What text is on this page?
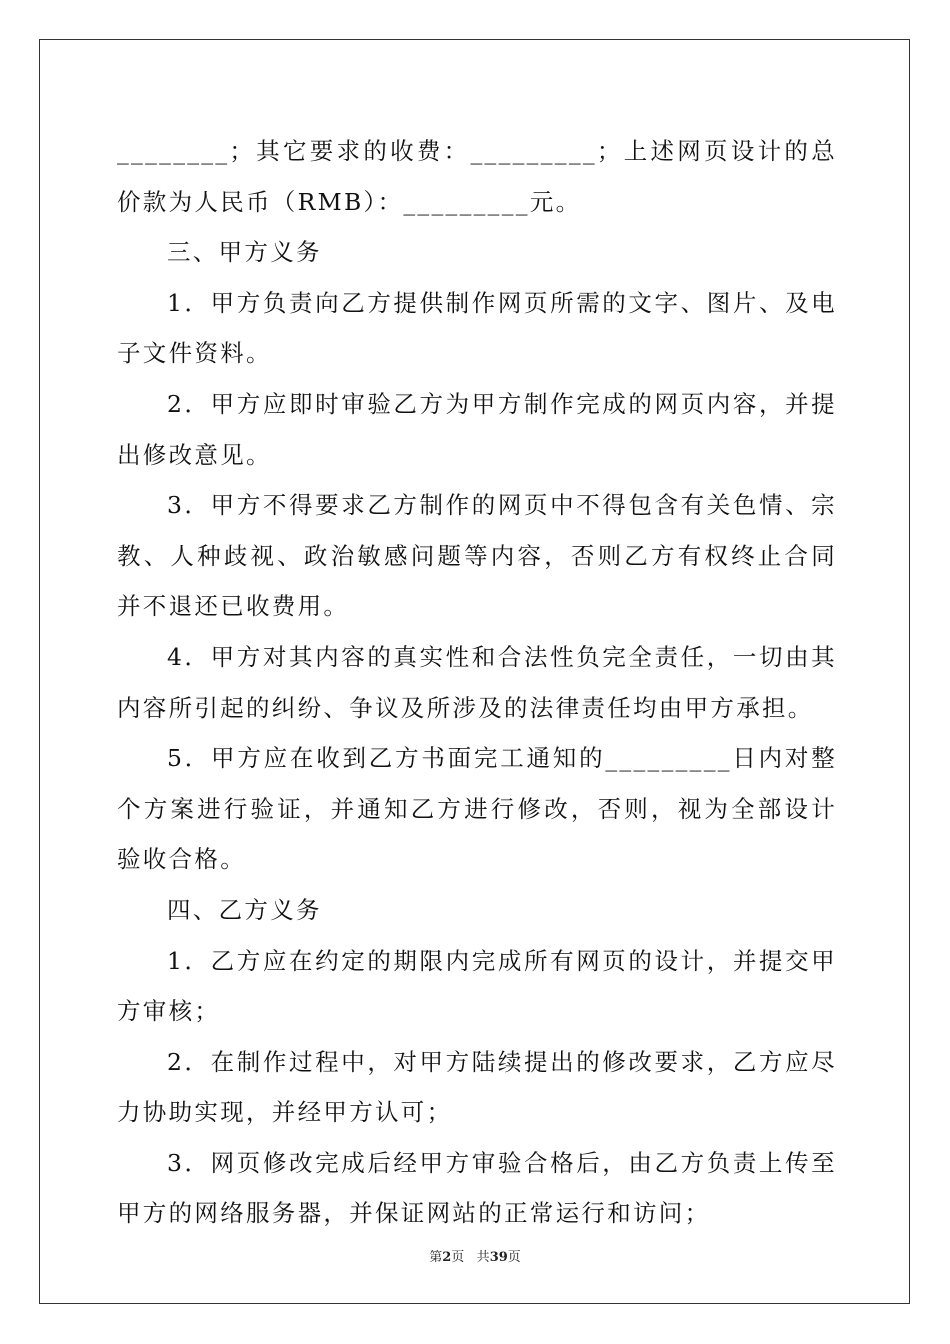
________；其它要求的收费：_________；上述网页设计的总价款为人民币（RMB）：_________元。

三、甲方义务

1．甲方负责向乙方提供制作网页所需的文字、图片、及电子文件资料。

2．甲方应即时审验乙方为甲方制作完成的网页内容，并提出修改意见。

3．甲方不得要求乙方制作的网页中不得包含有关色情、宗教、人种歧视、政治敏感问题等内容，否则乙方有权终止合同并不退还已收费用。

4．甲方对其内容的真实性和合法性负完全责任，一切由其内容所引起的纠纷、争议及所涉及的法律责任均由甲方承担。

5．甲方应在收到乙方书面完工通知的_________日内对整个方案进行验证，并通知乙方进行修改，否则，视为全部设计验收合格。

四、乙方义务

1．乙方应在约定的期限内完成所有网页的设计，并提交甲方审核；

2．在制作过程中，对甲方陆续提出的修改要求，乙方应尽力协助实现，并经甲方认可；

3．网页修改完成后经甲方审验合格后，由乙方负责上传至甲方的网络服务器，并保证网站的正常运行和访问；

第2页 共39页
